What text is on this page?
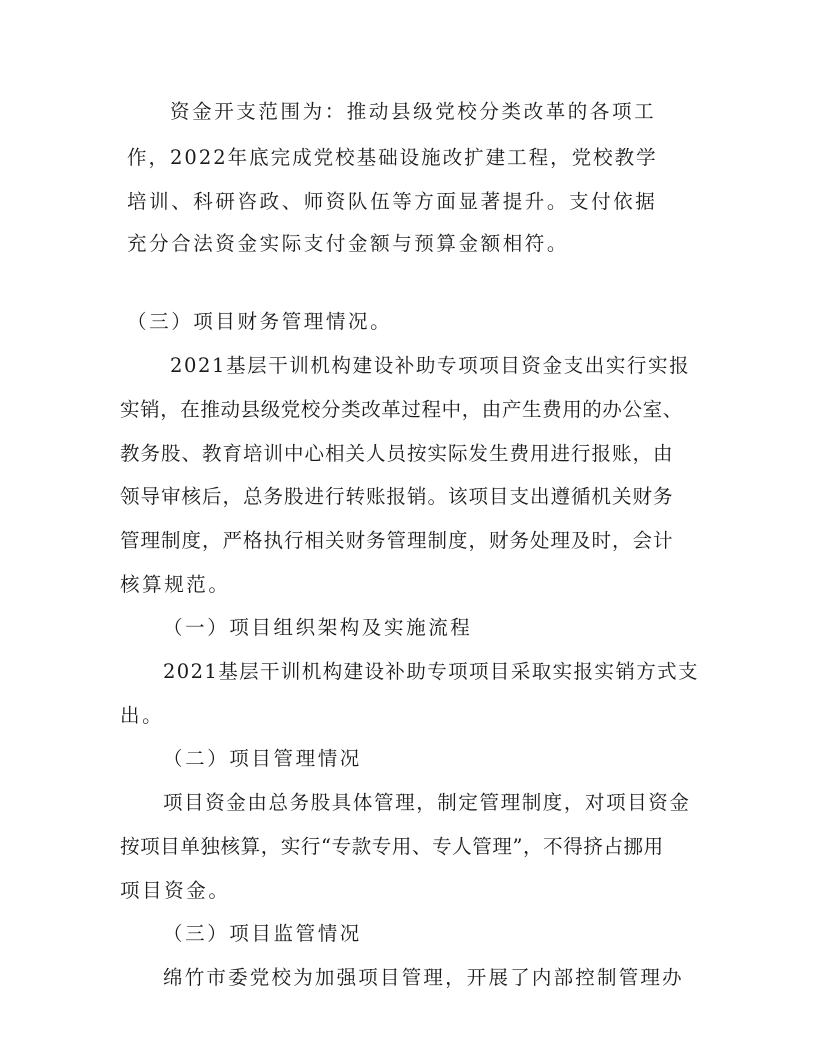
资金开支范围为：推动县级党校分类改革的各项工
作，2022年底完成党校基础设施改扩建工程，党校教学
培训、科研咨政、师资队伍等方面显著提升。支付依据
充分合法资金实际支付金额与预算金额相符。
（三）项目财务管理情况。
2021基层干训机构建设补助专项项目资金支出实行实报
实销，在推动县级党校分类改革过程中，由产生费用的办公室、
教务股、教育培训中心相关人员按实际发生费用进行报账，由
领导审核后，总务股进行转账报销。该项目支出遵循机关财务
管理制度，严格执行相关财务管理制度，财务处理及时，会计
核算规范。
（一）项目组织架构及实施流程
2021基层干训机构建设补助专项项目采取实报实销方式支
出。
（二）项目管理情况
项目资金由总务股具体管理，制定管理制度，对项目资金
按项目单独核算，实行“专款专用、专人管理”，不得挤占挪用
项目资金。
（三）项目监管情况
绵竹市委党校为加强项目管理，开展了内部控制管理办
